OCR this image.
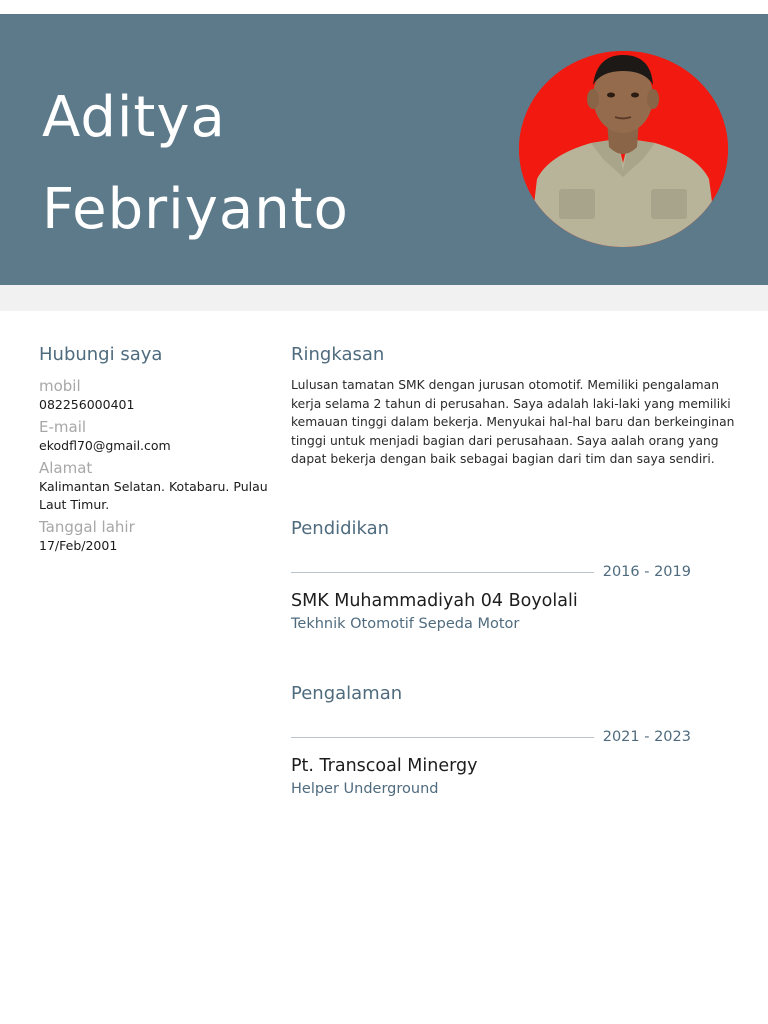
Aditya
Febriyanto
Hubungi saya
mobil
082256000401
E-mail
ekodfl70@gmail.com
Alamat
Kalimantan Selatan. Kotabaru. Pulau Laut Timur.
Tanggal lahir
17/Feb/2001
Ringkasan
Lulusan tamatan SMK dengan jurusan otomotif. Memiliki pengalaman kerja selama 2 tahun di perusahan. Saya adalah laki-laki yang memiliki kemauan tinggi dalam bekerja. Menyukai hal-hal baru dan berkeinginan tinggi untuk menjadi bagian dari perusahaan. Saya aalah orang yang dapat bekerja dengan baik sebagai bagian dari tim dan saya sendiri.
Pendidikan
2016 - 2019
SMK Muhammadiyah 04 Boyolali
Tekhnik Otomotif Sepeda Motor
Pengalaman
2021 - 2023
Pt. Transcoal Minergy
Helper Underground
